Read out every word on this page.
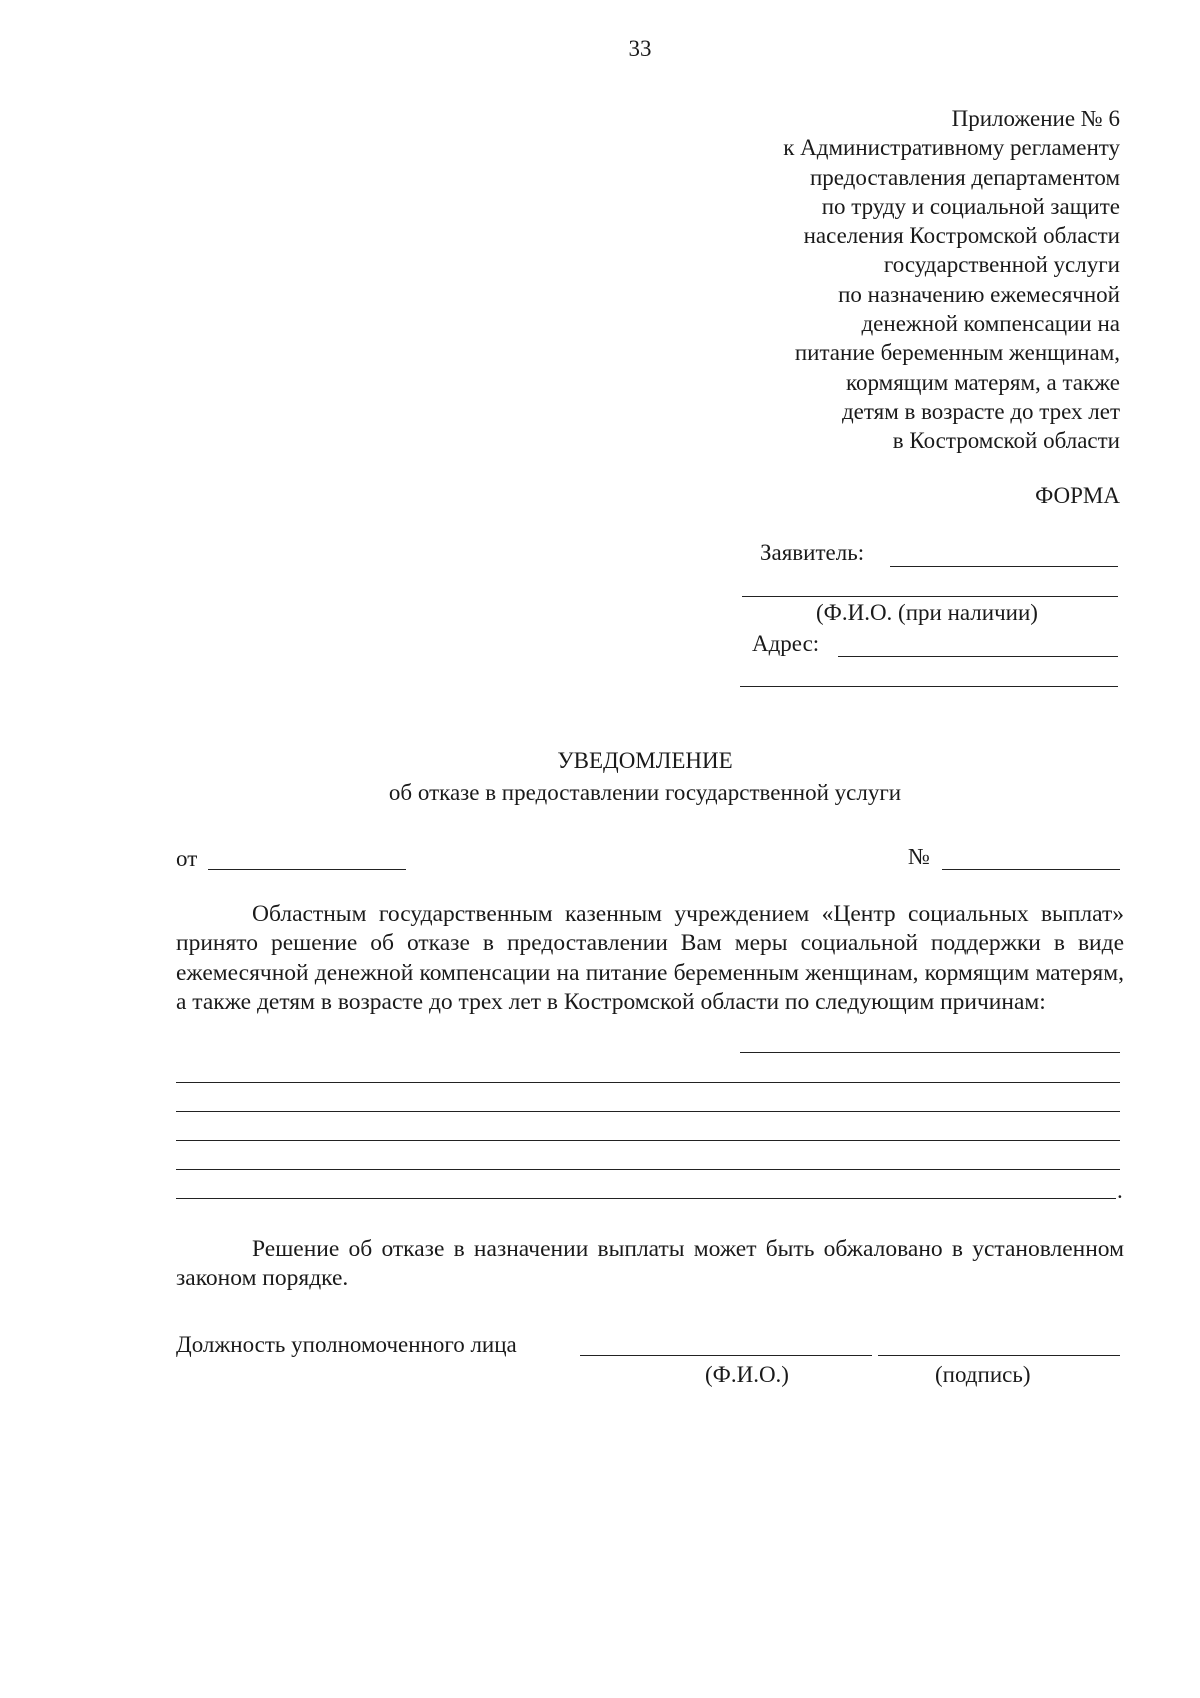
33
Приложение № 6
к Административному регламенту
предоставления департаментом
по труду и социальной защите
населения Костромской области
государственной услуги
по назначению ежемесячной
денежной компенсации на
питание беременным женщинам,
кормящим матерям, а также
детям в возрасте до трех лет
в Костромской области
ФОРМА
Заявитель:
(Ф.И.О. (при наличии)
Адрес:
УВЕДОМЛЕНИЕ
об отказе в предоставлении государственной услуги
от	№
Областным государственным казенным учреждением «Центр социальных выплат» принято решение об отказе в предоставлении Вам меры социальной поддержки в виде ежемесячной денежной компенсации на питание беременным женщинам, кормящим матерям, а также детям в возрасте до трех лет в Костромской области по следующим причинам:
.
Решение об отказе в назначении выплаты может быть обжаловано в установленном законом порядке.
Должность уполномоченного лица
(Ф.И.О.)	(подпись)
